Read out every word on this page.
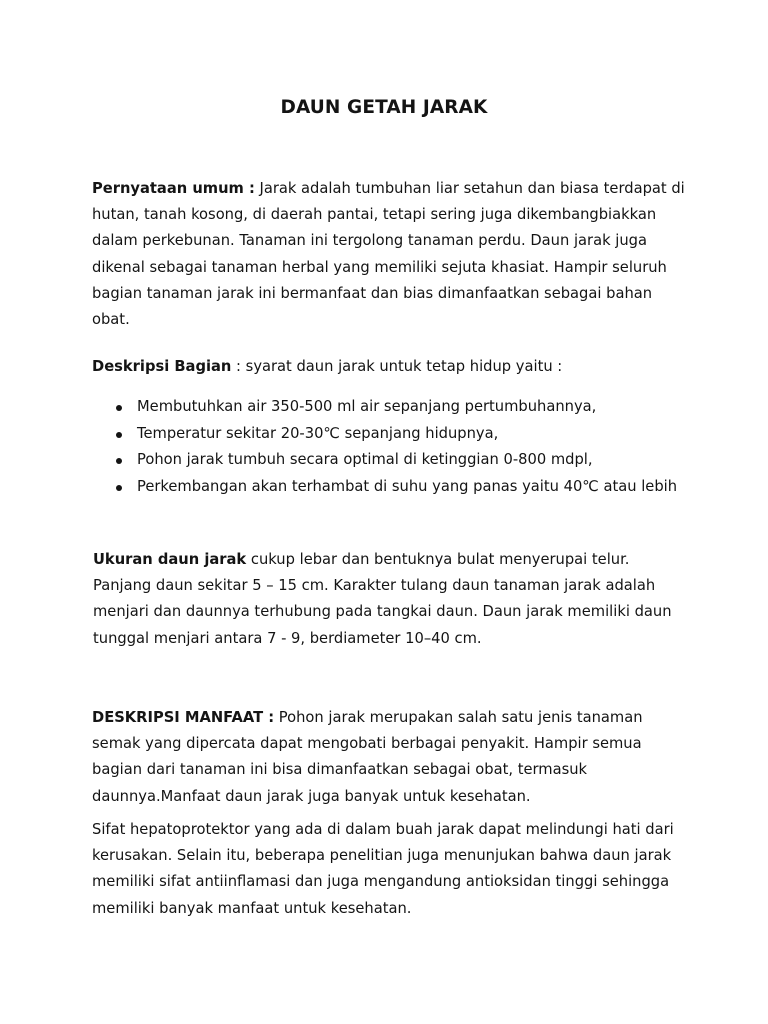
DAUN GETAH JARAK

Pernyataan umum : Jarak adalah tumbuhan liar setahun dan biasa terdapat di hutan, tanah kosong, di daerah pantai, tetapi sering juga dikembangbiakkan dalam perkebunan. Tanaman ini tergolong tanaman perdu. Daun jarak juga dikenal sebagai tanaman herbal yang memiliki sejuta khasiat. Hampir seluruh bagian tanaman jarak ini bermanfaat dan bias dimanfaatkan sebagai bahan obat.

Deskripsi Bagian : syarat daun jarak untuk tetap hidup yaitu :

Membutuhkan air 350-500 ml air sepanjang pertumbuhannya,
Temperatur sekitar 20-30℃ sepanjang hidupnya,
Pohon jarak tumbuh secara optimal di ketinggian 0-800 mdpl,
Perkembangan akan terhambat di suhu yang panas yaitu 40℃ atau lebih

Ukuran daun jarak cukup lebar dan bentuknya bulat menyerupai telur. Panjang daun sekitar 5 – 15 cm. Karakter tulang daun tanaman jarak adalah menjari dan daunnya terhubung pada tangkai daun. Daun jarak memiliki daun tunggal menjari antara 7 - 9, berdiameter 10–40 cm.

DESKRIPSI MANFAAT : Pohon jarak merupakan salah satu jenis tanaman semak yang dipercata dapat mengobati berbagai penyakit. Hampir semua bagian dari tanaman ini bisa dimanfaatkan sebagai obat, termasuk daunnya.Manfaat daun jarak juga banyak untuk kesehatan.

Sifat hepatoprotektor yang ada di dalam buah jarak dapat melindungi hati dari kerusakan. Selain itu, beberapa penelitian juga menunjukan bahwa daun jarak memiliki sifat antiinflamasi dan juga mengandung antioksidan tinggi sehingga memiliki banyak manfaat untuk kesehatan.
